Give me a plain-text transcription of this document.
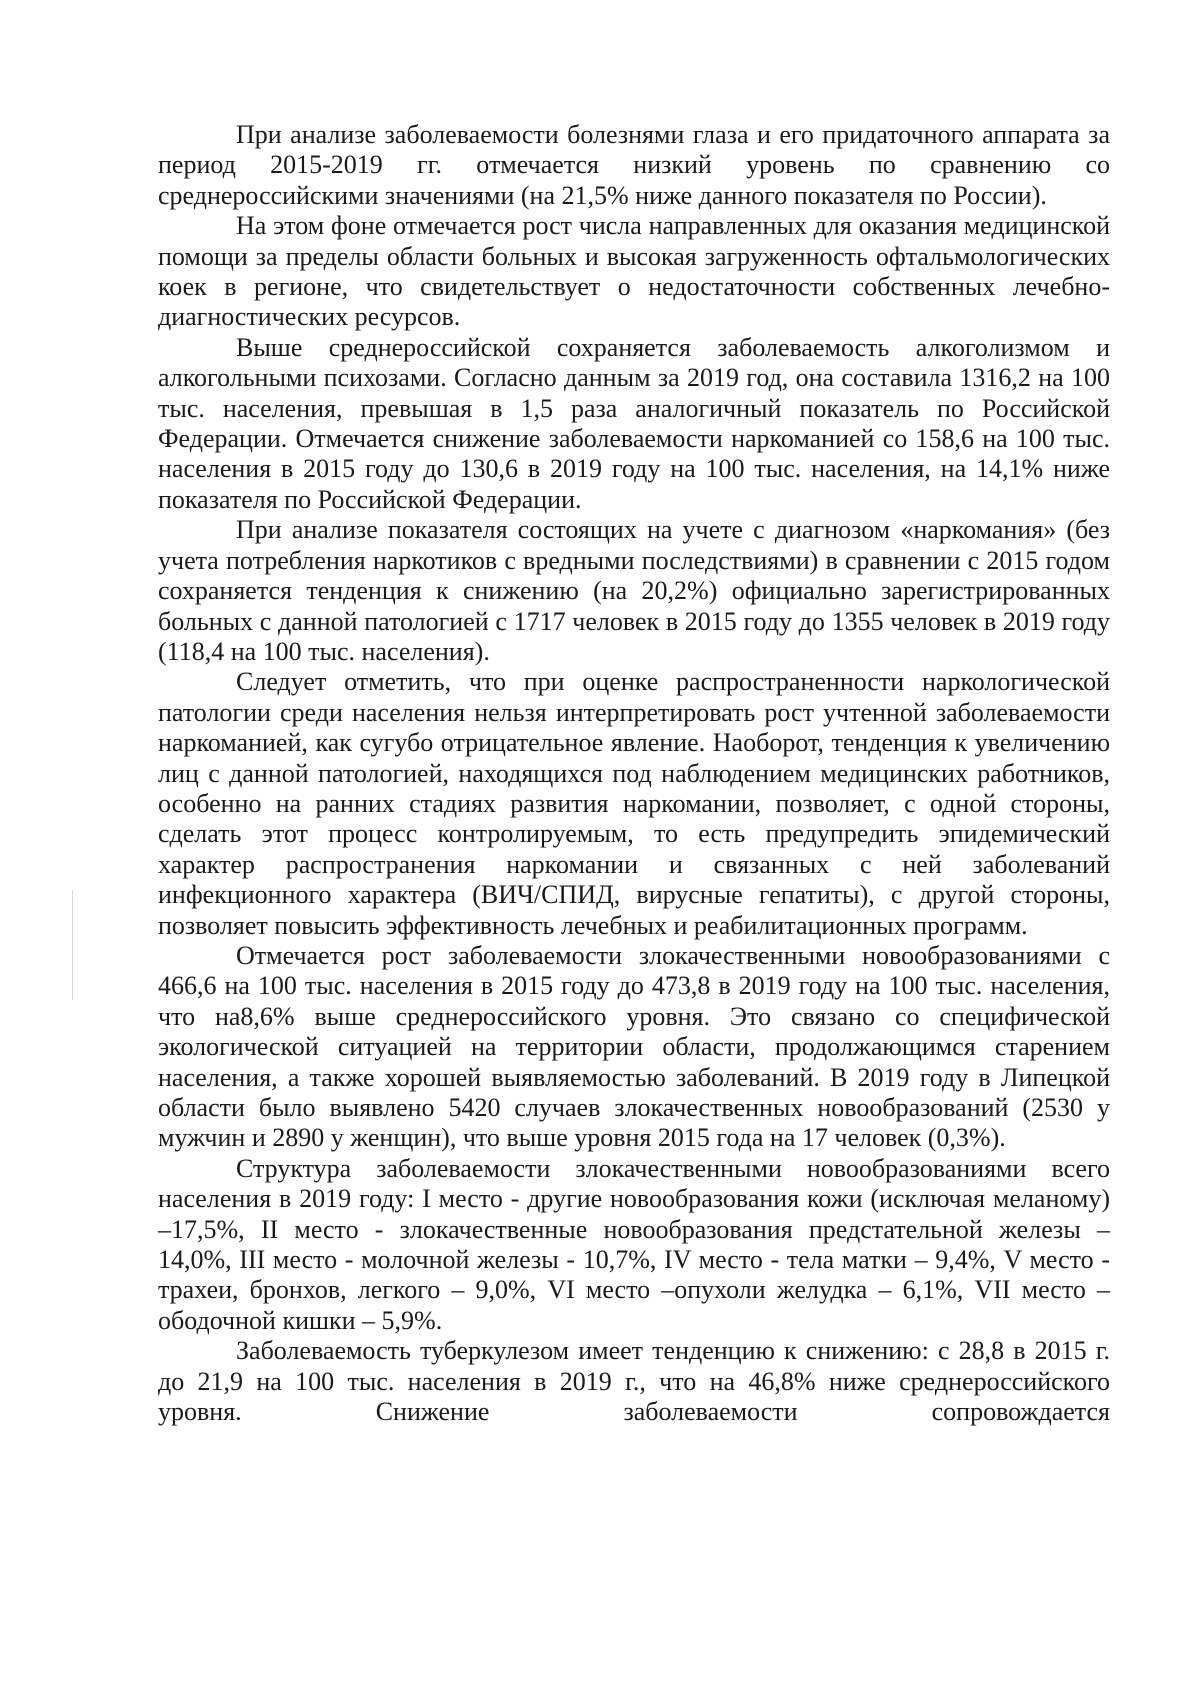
При анализе заболеваемости болезнями глаза и его придаточного аппарата за период 2015-2019 гг. отмечается низкий уровень по сравнению со среднероссийскими значениями (на 21,5% ниже данного показателя по России).

На этом фоне отмечается рост числа направленных для оказания медицинской помощи за пределы области больных и высокая загруженность офтальмологических коек в регионе, что свидетельствует о недостаточности собственных лечебно-диагностических ресурсов.

Выше среднероссийской сохраняется заболеваемость алкоголизмом и алкогольными психозами. Согласно данным за 2019 год, она составила 1316,2 на 100 тыс. населения, превышая в 1,5 раза аналогичный показатель по Российской Федерации. Отмечается снижение заболеваемости наркоманией со 158,6 на 100 тыс. населения в 2015 году до 130,6 в 2019 году на 100 тыс. населения, на 14,1% ниже показателя по Российской Федерации.

При анализе показателя состоящих на учете с диагнозом «наркомания» (без учета потребления наркотиков с вредными последствиями) в сравнении с 2015 годом сохраняется тенденция к снижению (на 20,2%) официально зарегистрированных больных с данной патологией с 1717 человек в 2015 году до 1355 человек в 2019 году (118,4 на 100 тыс. населения).

Следует отметить, что при оценке распространенности наркологической патологии среди населения нельзя интерпретировать рост учтенной заболеваемости наркоманией, как сугубо отрицательное явление. Наоборот, тенденция к увеличению лиц с данной патологией, находящихся под наблюдением медицинских работников, особенно на ранних стадиях развития наркомании, позволяет, с одной стороны, сделать этот процесс контролируемым, то есть предупредить эпидемический характер распространения наркомании и связанных с ней заболеваний инфекционного характера (ВИЧ/СПИД, вирусные гепатиты), с другой стороны, позволяет повысить эффективность лечебных и реабилитационных программ.

Отмечается рост заболеваемости злокачественными новообразованиями с 466,6 на 100 тыс. населения в 2015 году до 473,8 в 2019 году на 100 тыс. населения, что на8,6% выше среднероссийского уровня. Это связано со специфической экологической ситуацией на территории области, продолжающимся старением населения, а также хорошей выявляемостью заболеваний. В 2019 году в Липецкой области было выявлено 5420 случаев злокачественных новообразований (2530 у мужчин и 2890 у женщин), что выше уровня 2015 года на 17 человек (0,3%).

Структура заболеваемости злокачественными новообразованиями всего населения в 2019 году: I место - другие новообразования кожи (исключая меланому) –17,5%, II место - злокачественные новообразования предстательной железы – 14,0%, III место - молочной железы - 10,7%, IV место - тела матки – 9,4%, V место - трахеи, бронхов, легкого – 9,0%, VI место –опухоли желудка – 6,1%, VII место –ободочной кишки – 5,9%.

Заболеваемость туберкулезом имеет тенденцию к снижению: с 28,8 в 2015 г. до 21,9 на 100 тыс. населения в 2019 г., что на 46,8% ниже среднероссийского уровня. Снижение заболеваемости сопровождается
